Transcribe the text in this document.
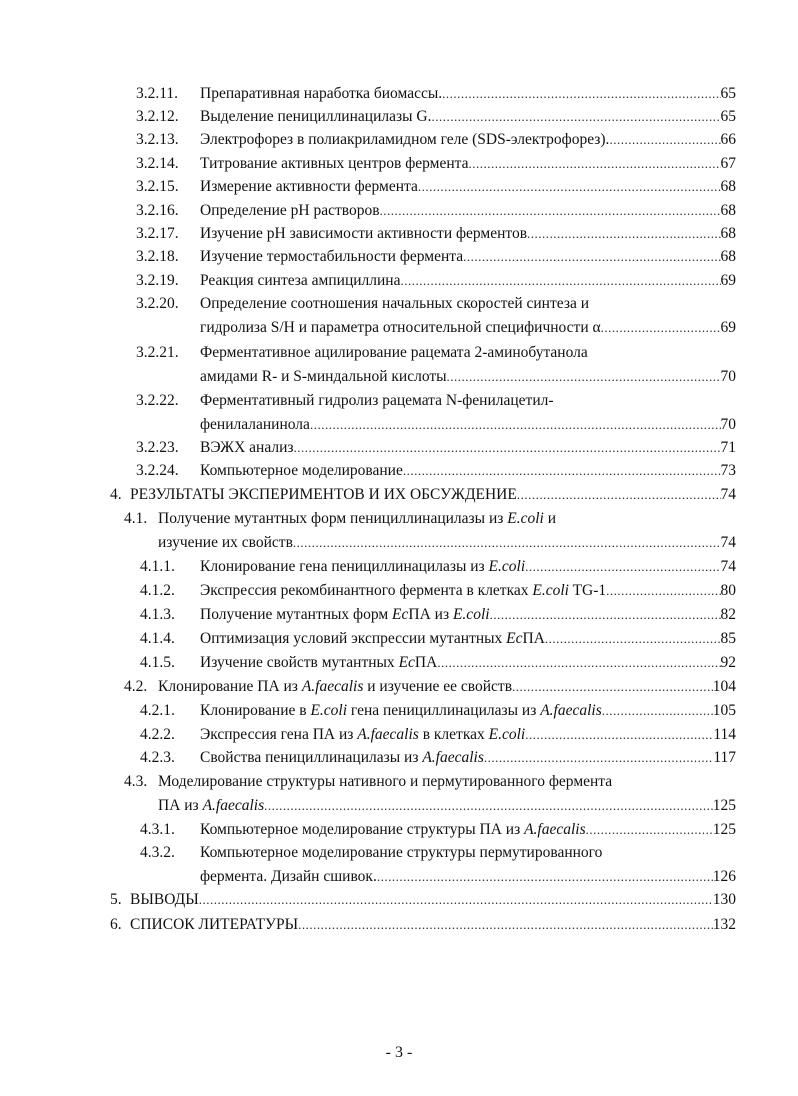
3.2.11. Препаративная наработка биомассы. .....	65
3.2.12. Выделение пенициллинацилазы G. .....	65
3.2.13. Электрофорез в полиакриламидном геле (SDS-электрофорез). .....	66
3.2.14. Титрование активных центров фермента .....	67
3.2.15. Измерение активности фермента .....	68
3.2.16. Определение pH растворов .....	68
3.2.17. Изучение pH зависимости активности ферментов .....	68
3.2.18. Изучение термостабильности фермента .....	68
3.2.19. Реакция синтеза ампициллина .....	69
3.2.20. Определение соотношения начальных скоростей синтеза и
гидролиза S/H и параметра относительной специфичности α .....	69
3.2.21. Ферментативное ацилирование рацемата 2-аминобутанола
амидами R- и S-миндальной кислоты .....	70
3.2.22. Ферментативный гидролиз рацемата N-фенилацетил-
фенилаланинола .....	70
3.2.23. ВЭЖХ анализ .....	71
3.2.24. Компьютерное моделирование .....	73
4. РЕЗУЛЬТАТЫ ЭКСПЕРИМЕНТОВ И ИХ ОБСУЖДЕНИЕ .....	74
4.1. Получение мутантных форм пенициллинацилазы из E.coli и
изучение их свойств .....	74
4.1.1. Клонирование гена пенициллинацилазы из E.coli .....	74
4.1.2. Экспрессия рекомбинантного фермента в клетках E.coli TG-1 .....	80
4.1.3. Получение мутантных форм EcПА из E.coli .....	82
4.1.4. Оптимизация условий экспрессии мутантных EcПА .....	85
4.1.5. Изучение свойств мутантных EcПА .....	92
4.2. Клонирование ПА из A.faecalis и изучение ее свойств .....	104
4.2.1. Клонирование в E.coli гена пенициллинацилазы из A.faecalis .....	105
4.2.2. Экспрессия гена ПА из A.faecalis в клетках E.coli .....	114
4.2.3. Свойства пенициллинацилазы из A.faecalis .....	117
4.3. Моделирование структуры нативного и пермутированного фермента
ПА из A.faecalis .....	125
4.3.1. Компьютерное моделирование структуры ПА из A.faecalis .....	125
4.3.2. Компьютерное моделирование структуры пермутированного
фермента. Дизайн сшивок. .....	126
5. ВЫВОДЫ .....	130
6. СПИСОК ЛИТЕРАТУРЫ .....	132
- 3 -
